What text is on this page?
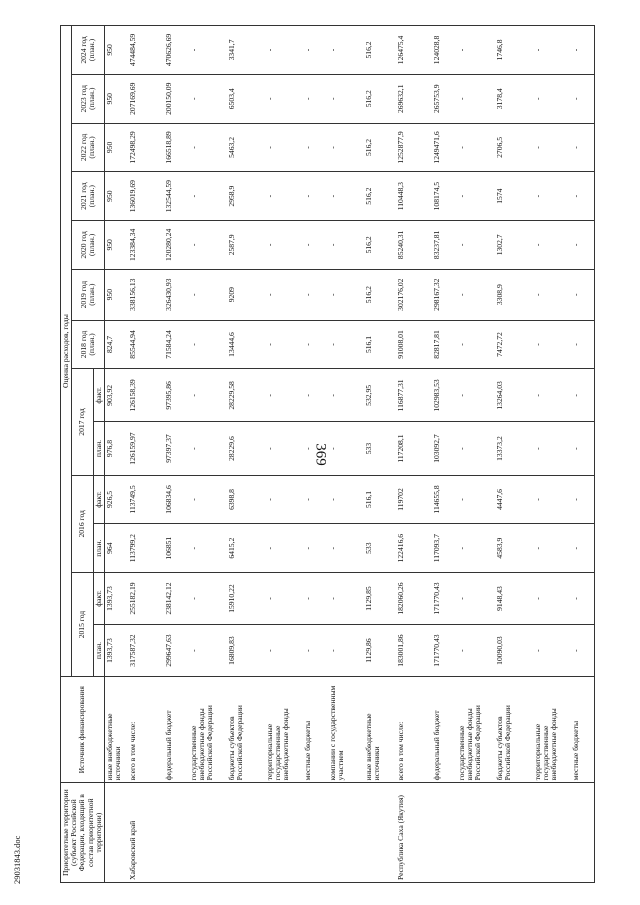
369
Приоритетные территории (субъект Российской Федерации, входящий в состав приоритетной территории)	Источник финансирования	Оценка расходов, годы												
		2015 год		2016 год		2017 год		2018 год (план.)	2019 год (план.)	2020 год (план.)	2021 год (план.)	2022 год (план.)	2023 год (план.)	2024 год (план.)
		план.	факт.	план.	факт.	план.	факт.							
	иные внебюджетные источники	1393,73	1393,73	964	926,5	976,8	903,92	824,7	950	950	950	950	950	950
Хабаровский край	всего в том числе:	317587,32	255182,19	113799,2	113749,5	126159,97	126158,39	85544,94	338156,13	123384,34	136019,69	172498,29	207169,69	474484,59
	федеральный бюджет	299647,63	238142,12	106851	106834,6	97397,37	97395,86	71584,24	326430,93	120280,24	132544,59	166518,89	200150,09	470626,69
	государственные внебюджетные фонды Российской Федерации	-	-	-	-	-	-	-	-	-	-	-	-	-
	бюджеты субъектов Российской Федерации	16809,83	15910,22	6415,2	6398,8	28229,6	28229,58	13444,6	9209	2587,9	2958,9	5463,2	6503,4	3341,7
	территориальные государственные внебюджетные фонды	-	-	-	-	-	-	-	-	-	-	-	-	-
	местные бюджеты	-	-	-	-	-	-	-	-	-	-	-	-	-
	компании с государственным участием	-	-	-	-	-	-	-	-	-	-	-	-	-
	иные внебюджетные источники	1129,86	1129,85	533	516,1	533	532,95	516,1	516,2	516,2	516,2	516,2	516,2	516,2
Республика Саха (Якутия)	всего в том числе:	183001,86	182060,26	122416,6	119702	117208,1	116877,31	91008,01	302176,02	85240,31	110448,3	1252877,9	269632,1	126475,4
	федеральный бюджет	171770,43	171770,43	117093,7	114655,8	103092,7	102983,53	82817,81	298167,32	83237,81	108174,5	1249471,6	265753,9	124028,8
	государственные внебюджетные фонды Российской Федерации	-	-	-	-	-	-	-	-	-	-	-	-	-
	бюджеты субъектов Российской Федерации	10090,03	9148,43	4583,9	4447,6	13373,2	13264,03	7472,72	3308,9	1302,7	1574	2706,5	3178,4	1746,8
	территориальные государственные внебюджетные фонды	-	-	-	-	-	-	-	-	-	-	-	-	-
	местные бюджеты	-	-	-	-	-	-	-	-	-	-	-	-	-
29031843.doc
